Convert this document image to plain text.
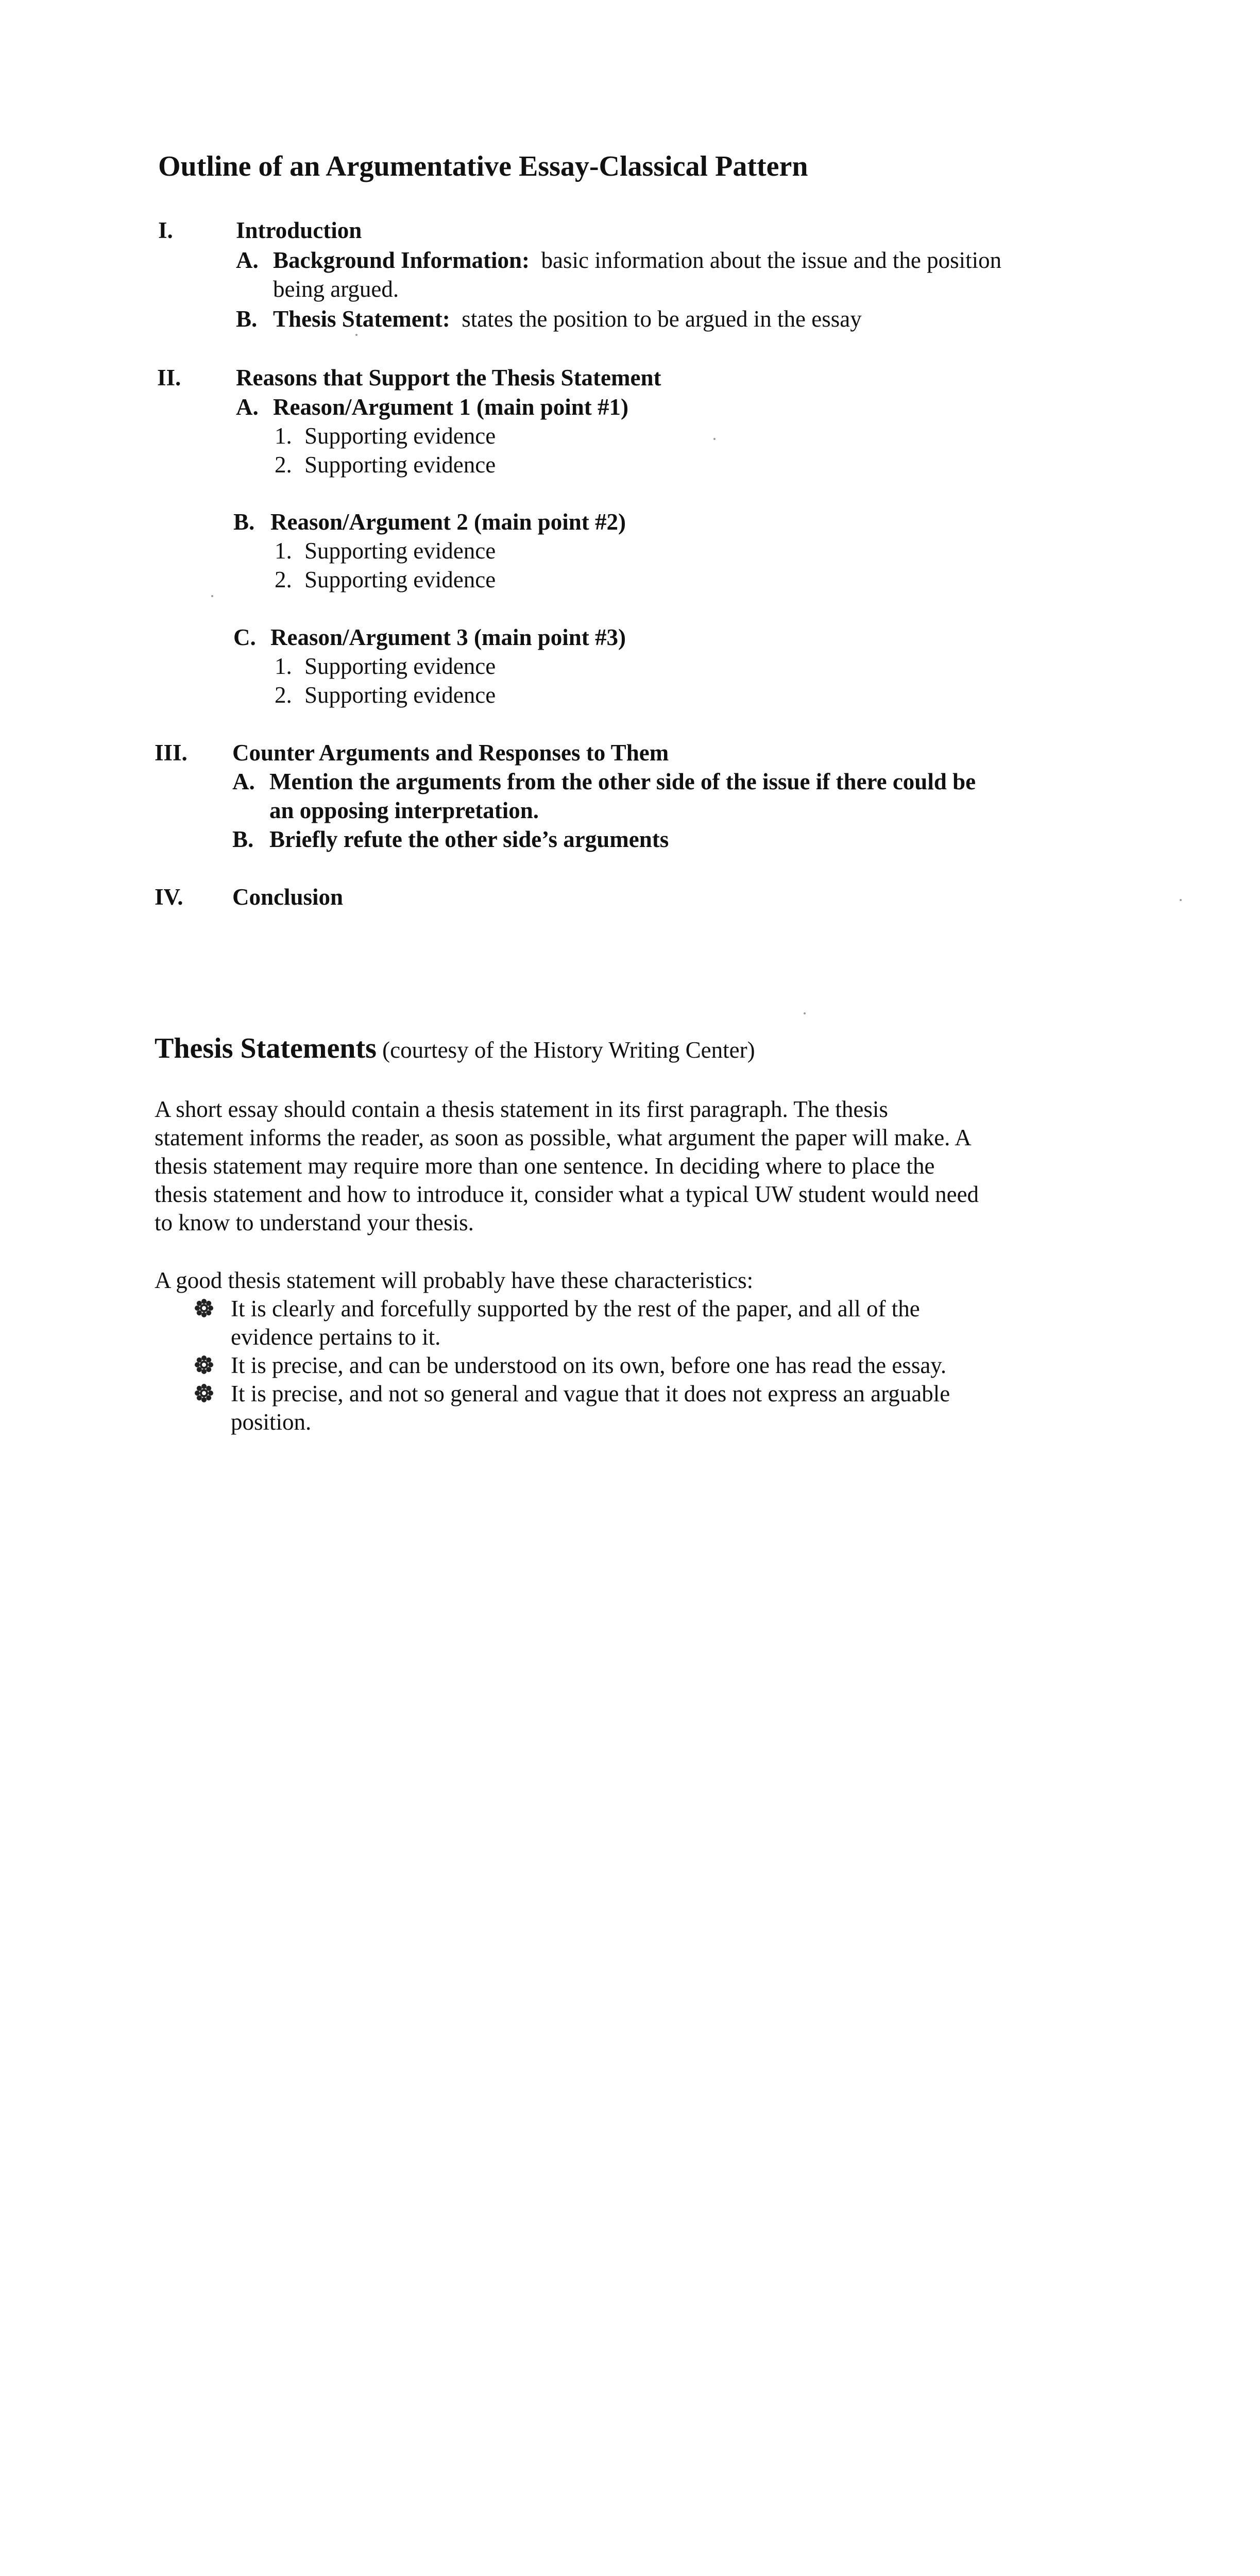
Outline of an Argumentative Essay-Classical Pattern
I.	Introduction
A. Background Information: basic information about the issue and the position
being argued.
B. Thesis Statement: states the position to be argued in the essay
II. Reasons that Support the Thesis Statement
A. Reason/Argument 1 (main point #1)
1. Supporting evidence
2. Supporting evidence
B. Reason/Argument 2 (main point #2)
1. Supporting evidence
2. Supporting evidence
C. Reason/Argument 3 (main point #3)
1. Supporting evidence
2. Supporting evidence
III. Counter Arguments and Responses to Them
A. Mention the arguments from the other side of the issue if there could be
an opposing interpretation.
B. Briefly refute the other side’s arguments
IV. Conclusion
Thesis Statements (courtesy of the History Writing Center)
A short essay should contain a thesis statement in its first paragraph. The thesis
statement informs the reader, as soon as possible, what argument the paper will make. A
thesis statement may require more than one sentence. In deciding where to place the
thesis statement and how to introduce it, consider what a typical UW student would need
to know to understand your thesis.
A good thesis statement will probably have these characteristics:
It is clearly and forcefully supported by the rest of the paper, and all of the
evidence pertains to it.
It is precise, and can be understood on its own, before one has read the essay.
It is precise, and not so general and vague that it does not express an arguable
position.
